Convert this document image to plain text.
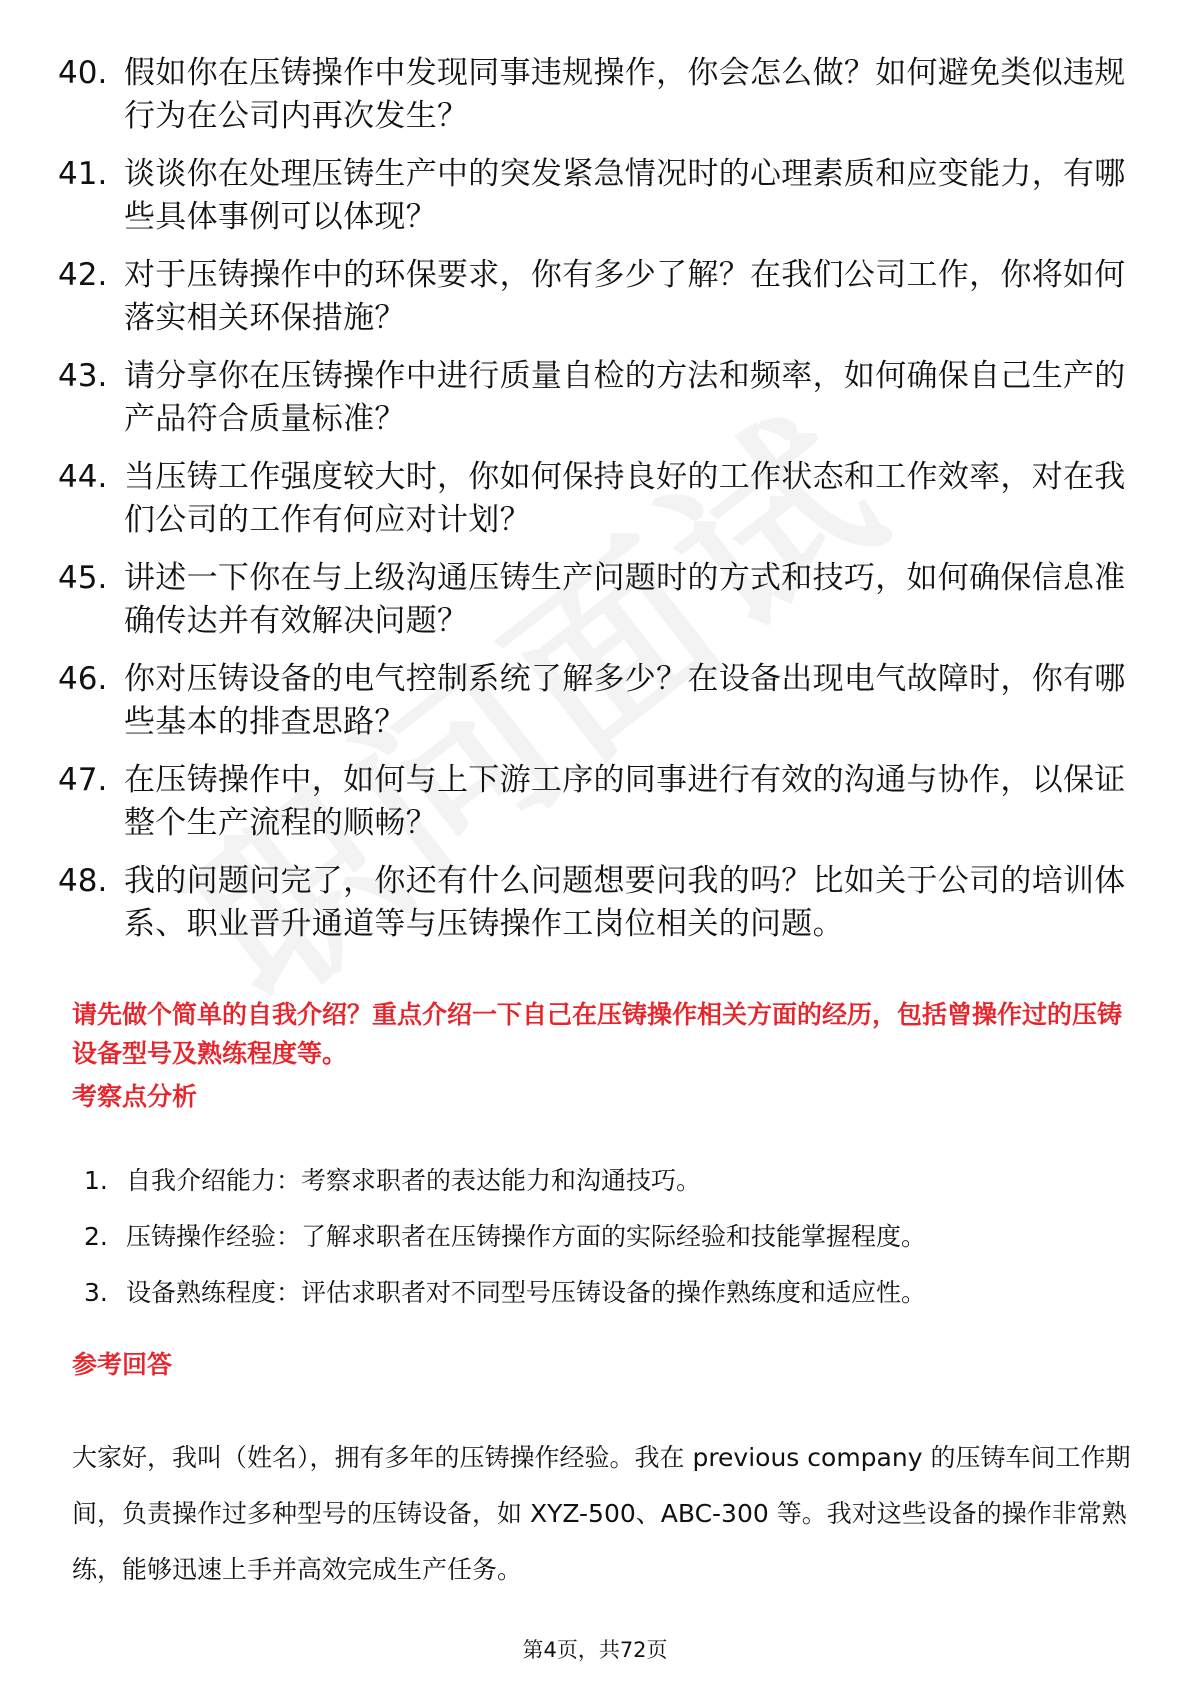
40. 假如你在压铸操作中发现同事违规操作，你会怎么做？如何避免类似违规行为在公司内再次发生？
41. 谈谈你在处理压铸生产中的突发紧急情况时的心理素质和应变能力，有哪些具体事例可以体现？
42. 对于压铸操作中的环保要求，你有多少了解？在我们公司工作，你将如何落实相关环保措施？
43. 请分享你在压铸操作中进行质量自检的方法和频率，如何确保自己生产的产品符合质量标准？
44. 当压铸工作强度较大时，你如何保持良好的工作状态和工作效率，对在我们公司的工作有何应对计划？
45. 讲述一下你在与上级沟通压铸生产问题时的方式和技巧，如何确保信息准确传达并有效解决问题？
46. 你对压铸设备的电气控制系统了解多少？在设备出现电气故障时，你有哪些基本的排查思路？
47. 在压铸操作中，如何与上下游工序的同事进行有效的沟通与协作，以保证整个生产流程的顺畅？
48. 我的问题问完了，你还有什么问题想要问我的吗？比如关于公司的培训体系、职业晋升通道等与压铸操作工岗位相关的问题。
请先做个简单的自我介绍？重点介绍一下自己在压铸操作相关方面的经历，包括曾操作过的压铸设备型号及熟练程度等。
考察点分析
1. 自我介绍能力：考察求职者的表达能力和沟通技巧。
2. 压铸操作经验：了解求职者在压铸操作方面的实际经验和技能掌握程度。
3. 设备熟练程度：评估求职者对不同型号压铸设备的操作熟练度和适应性。
参考回答
大家好，我叫（姓名），拥有多年的压铸操作经验。我在 previous company 的压铸车间工作期间，负责操作过多种型号的压铸设备，如 XYZ-500、ABC-300 等。我对这些设备的操作非常熟练，能够迅速上手并高效完成生产任务。
第4页，共72页
